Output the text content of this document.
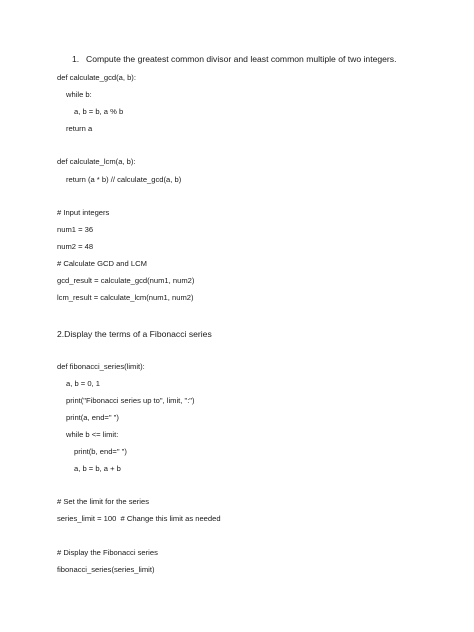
1. Compute the greatest common divisor and least common multiple of two integers.
def calculate_gcd(a, b):
while b:
a, b = b, a % b
return a
def calculate_lcm(a, b):
return (a * b) // calculate_gcd(a, b)
# Input integers
num1 = 36
num2 = 48
# Calculate GCD and LCM
gcd_result = calculate_gcd(num1, num2)
lcm_result = calculate_lcm(num1, num2)
2.Display the terms of a Fibonacci series
def fibonacci_series(limit):
a, b = 0, 1
print("Fibonacci series up to", limit, ":")
print(a, end=" ")
while b <= limit:
print(b, end=" ")
a, b = b, a + b
# Set the limit for the series
series_limit = 100  # Change this limit as needed
# Display the Fibonacci series
fibonacci_series(series_limit)
